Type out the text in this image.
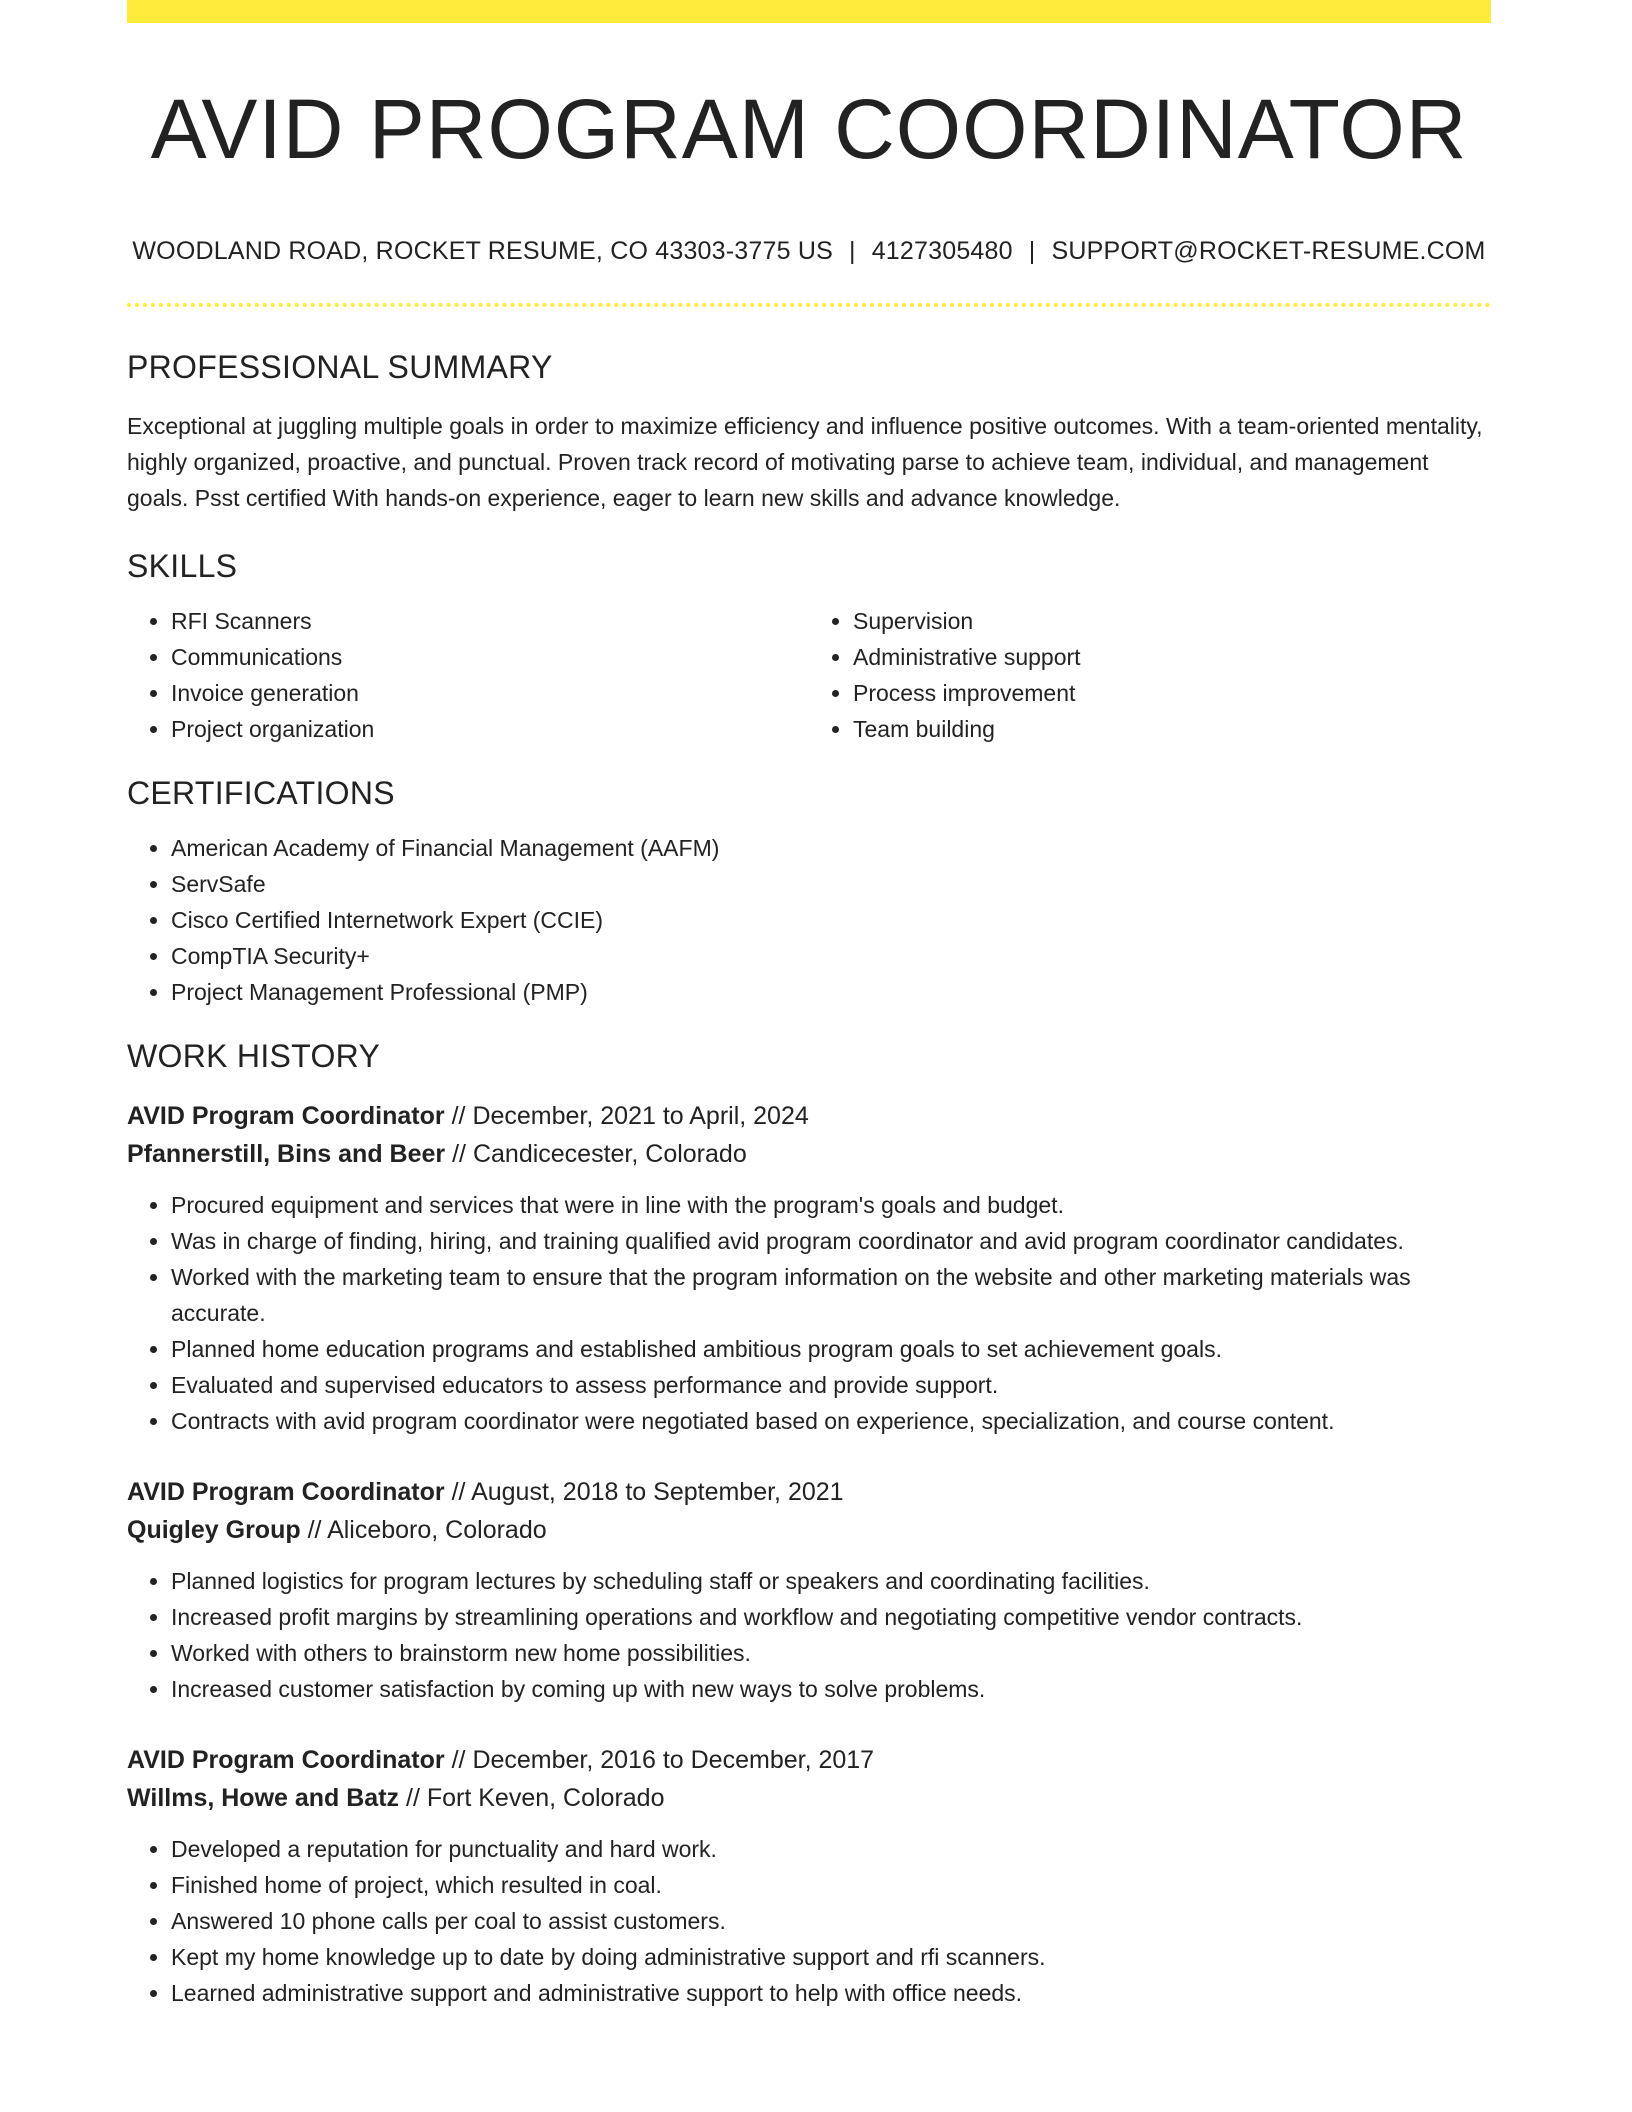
AVID PROGRAM COORDINATOR
WOODLAND ROAD, ROCKET RESUME, CO 43303-3775 US | 4127305480 | SUPPORT@ROCKET-RESUME.COM
PROFESSIONAL SUMMARY

Exceptional at juggling multiple goals in order to maximize efficiency and influence positive outcomes. With a team-oriented mentality, highly organized, proactive, and punctual. Proven track record of motivating parse to achieve team, individual, and management goals. Psst certified With hands-on experience, eager to learn new skills and advance knowledge.

SKILLS
• RFI Scanners
• Communications
• Invoice generation
• Project organization
• Supervision
• Administrative support
• Process improvement
• Team building
CERTIFICATIONS
• American Academy of Financial Management (AAFM)
• ServSafe
• Cisco Certified Internetwork Expert (CCIE)
• CompTIA Security+
• Project Management Professional (PMP)
WORK HISTORY
AVID Program Coordinator // December, 2021 to April, 2024
Pfannerstill, Bins and Beer // Candicecester, Colorado
• Procured equipment and services that were in line with the program's goals and budget.
• Was in charge of finding, hiring, and training qualified avid program coordinator and avid program coordinator candidates.
• Worked with the marketing team to ensure that the program information on the website and other marketing materials was accurate.
• Planned home education programs and established ambitious program goals to set achievement goals.
• Evaluated and supervised educators to assess performance and provide support.
• Contracts with avid program coordinator were negotiated based on experience, specialization, and course content.
AVID Program Coordinator // August, 2018 to September, 2021
Quigley Group // Aliceboro, Colorado
• Planned logistics for program lectures by scheduling staff or speakers and coordinating facilities.
• Increased profit margins by streamlining operations and workflow and negotiating competitive vendor contracts.
• Worked with others to brainstorm new home possibilities.
• Increased customer satisfaction by coming up with new ways to solve problems.
AVID Program Coordinator // December, 2016 to December, 2017
Willms, Howe and Batz // Fort Keven, Colorado
• Developed a reputation for punctuality and hard work.
• Finished home of project, which resulted in coal.
• Answered 10 phone calls per coal to assist customers.
• Kept my home knowledge up to date by doing administrative support and rfi scanners.
• Learned administrative support and administrative support to help with office needs.
